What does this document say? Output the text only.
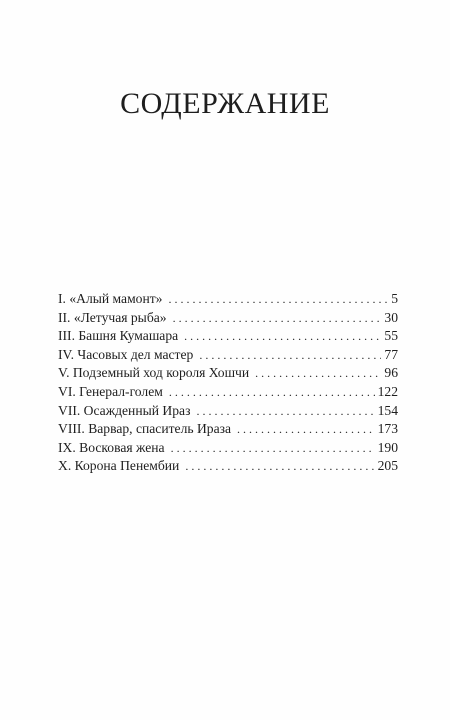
СОДЕРЖАНИЕ
I. «Алый мамонт» . . .	5
II. «Летучая рыба» . . .	30
III. Башня Кумашара . . .	55
IV. Часовых дел мастер . . .	77
V. Подземный ход короля Хошчи . . .	96
VI. Генерал-голем . . .	122
VII. Осажденный Ираз . . .	154
VIII. Варвар, спаситель Ираза . . .	173
IX. Восковая жена . . .	190
X. Корона Пенембии . . .	205
